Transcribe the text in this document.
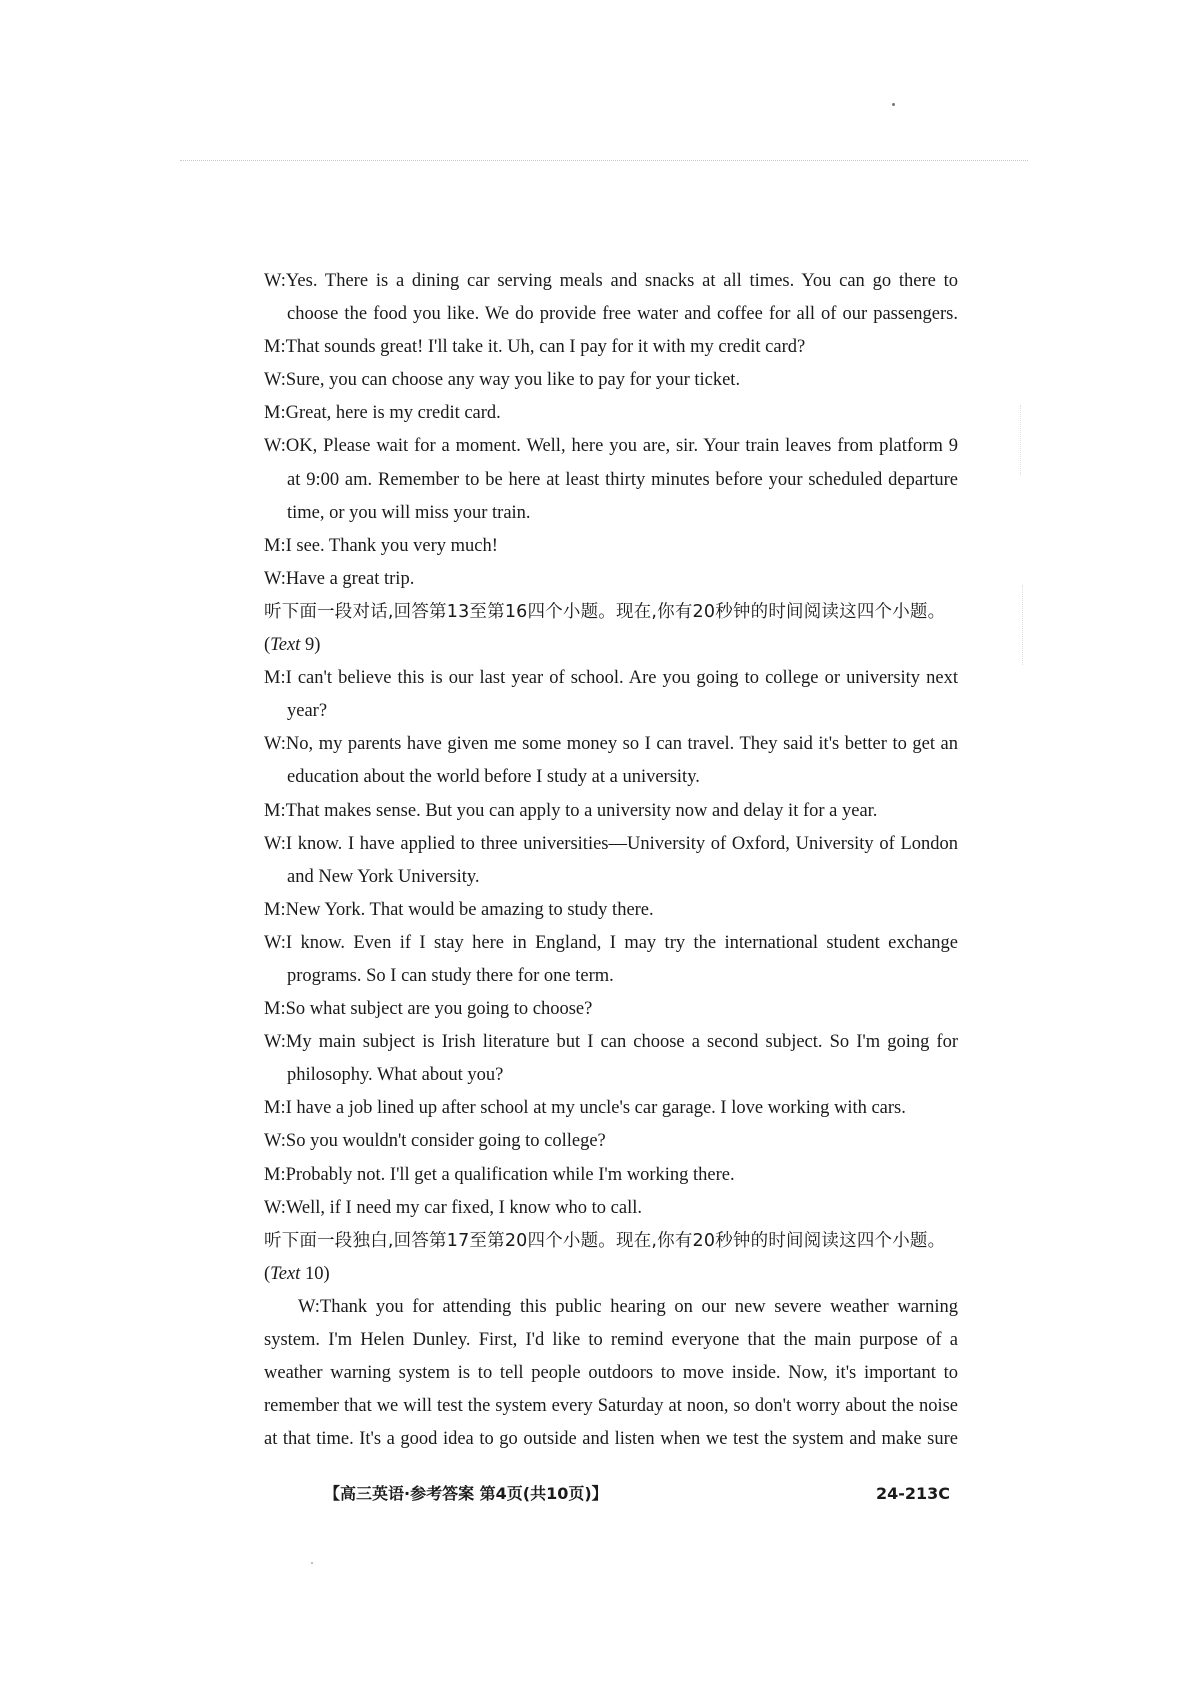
W:Yes. There is a dining car serving meals and snacks at all times. You can go there to
choose the food you like. We do provide free water and coffee for all of our passengers.
M:That sounds great! I'll take it. Uh, can I pay for it with my credit card?
W:Sure, you can choose any way you like to pay for your ticket.
M:Great, here is my credit card.
W:OK, Please wait for a moment. Well, here you are, sir. Your train leaves from platform 9
at 9:00 am. Remember to be here at least thirty minutes before your scheduled departure
time, or you will miss your train.
M:I see. Thank you very much!
W:Have a great trip.
听下面一段对话,回答第13至第16四个小题。现在,你有20秒钟的时间阅读这四个小题。
(Text 9)
M:I can't believe this is our last year of school. Are you going to college or university next
year?
W:No, my parents have given me some money so I can travel. They said it's better to get an
education about the world before I study at a university.
M:That makes sense. But you can apply to a university now and delay it for a year.
W:I know. I have applied to three universities—University of Oxford, University of London
and New York University.
M:New York. That would be amazing to study there.
W:I know. Even if I stay here in England, I may try the international student exchange
programs. So I can study there for one term.
M:So what subject are you going to choose?
W:My main subject is Irish literature but I can choose a second subject. So I'm going for
philosophy. What about you?
M:I have a job lined up after school at my uncle's car garage. I love working with cars.
W:So you wouldn't consider going to college?
M:Probably not. I'll get a qualification while I'm working there.
W:Well, if I need my car fixed, I know who to call.
听下面一段独白,回答第17至第20四个小题。现在,你有20秒钟的时间阅读这四个小题。
(Text 10)
W:Thank you for attending this public hearing on our new severe weather warning
system. I'm Helen Dunley. First, I'd like to remind everyone that the main purpose of a
weather warning system is to tell people outdoors to move inside. Now, it's important to
remember that we will test the system every Saturday at noon, so don't worry about the noise
at that time. It's a good idea to go outside and listen when we test the system and make sure
【高三英语·参考答案 第4页(共10页)】	24-213C
